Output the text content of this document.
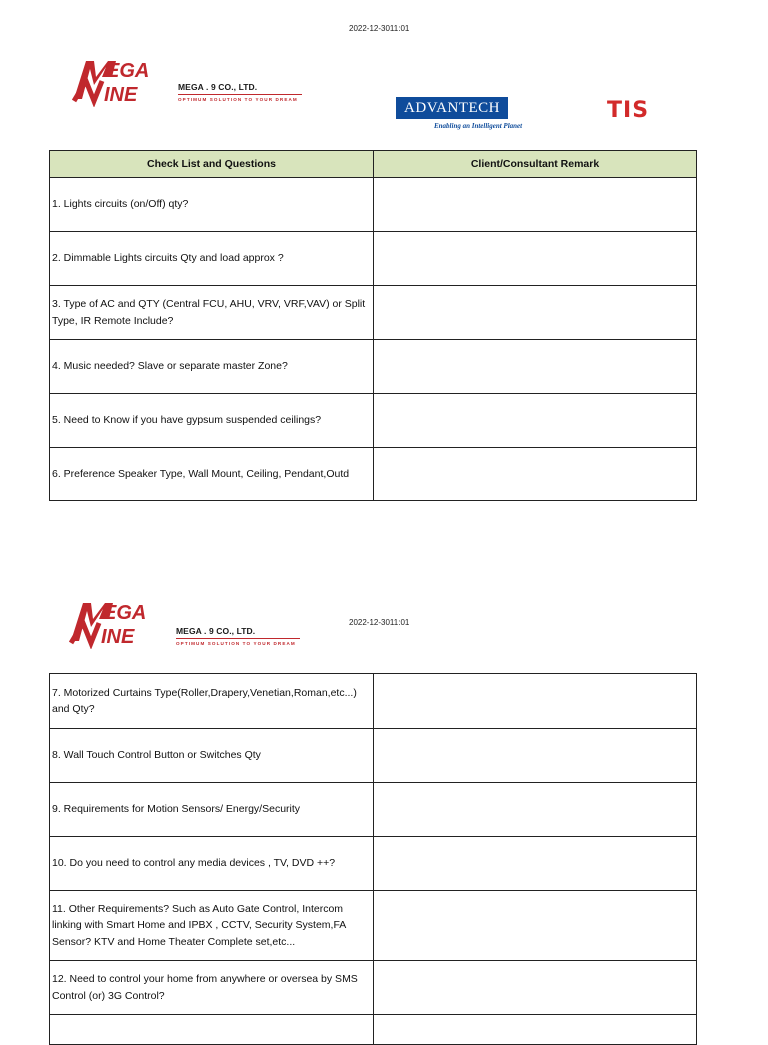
2022-12-3011:01
EGA
INE	MEGA . 9 CO., LTD.
OPTIMUM SOLUTION TO YOUR DREAM	ADVANTECH
Enabling an Intelligent Planet
TIS
Check List and Questions	Client/Consultant Remark
1. Lights circuits (on/Off) qty?	
2. Dimmable Lights circuits Qty and load approx ?	
3. Type of AC and QTY (Central FCU, AHU, VRV, VRF,VAV) or Split Type, IR Remote Include?	
4. Music needed? Slave or separate master Zone?	
5. Need to Know if you have gypsum suspended ceilings?	
6. Preference Speaker Type, Wall Mount, Ceiling, Pendant,Outd	
EGA
INE	MEGA . 9 CO., LTD.
OPTIMUM SOLUTION TO YOUR DREAM
2022-12-3011:01
7. Motorized Curtains Type(Roller,Drapery,Venetian,Roman,etc...) and Qty?	
8. Wall Touch Control Button or Switches Qty	
9. Requirements for Motion Sensors/ Energy/Security	
10. Do you need to control any media devices , TV, DVD ++?	
11. Other Requirements? Such as Auto Gate Control, Intercom linking with Smart Home and IPBX , CCTV, Security System,FA Sensor? KTV and Home Theater Complete set,etc...	
12. Need to control your home from anywhere or oversea by SMS Control (or) 3G Control?	
